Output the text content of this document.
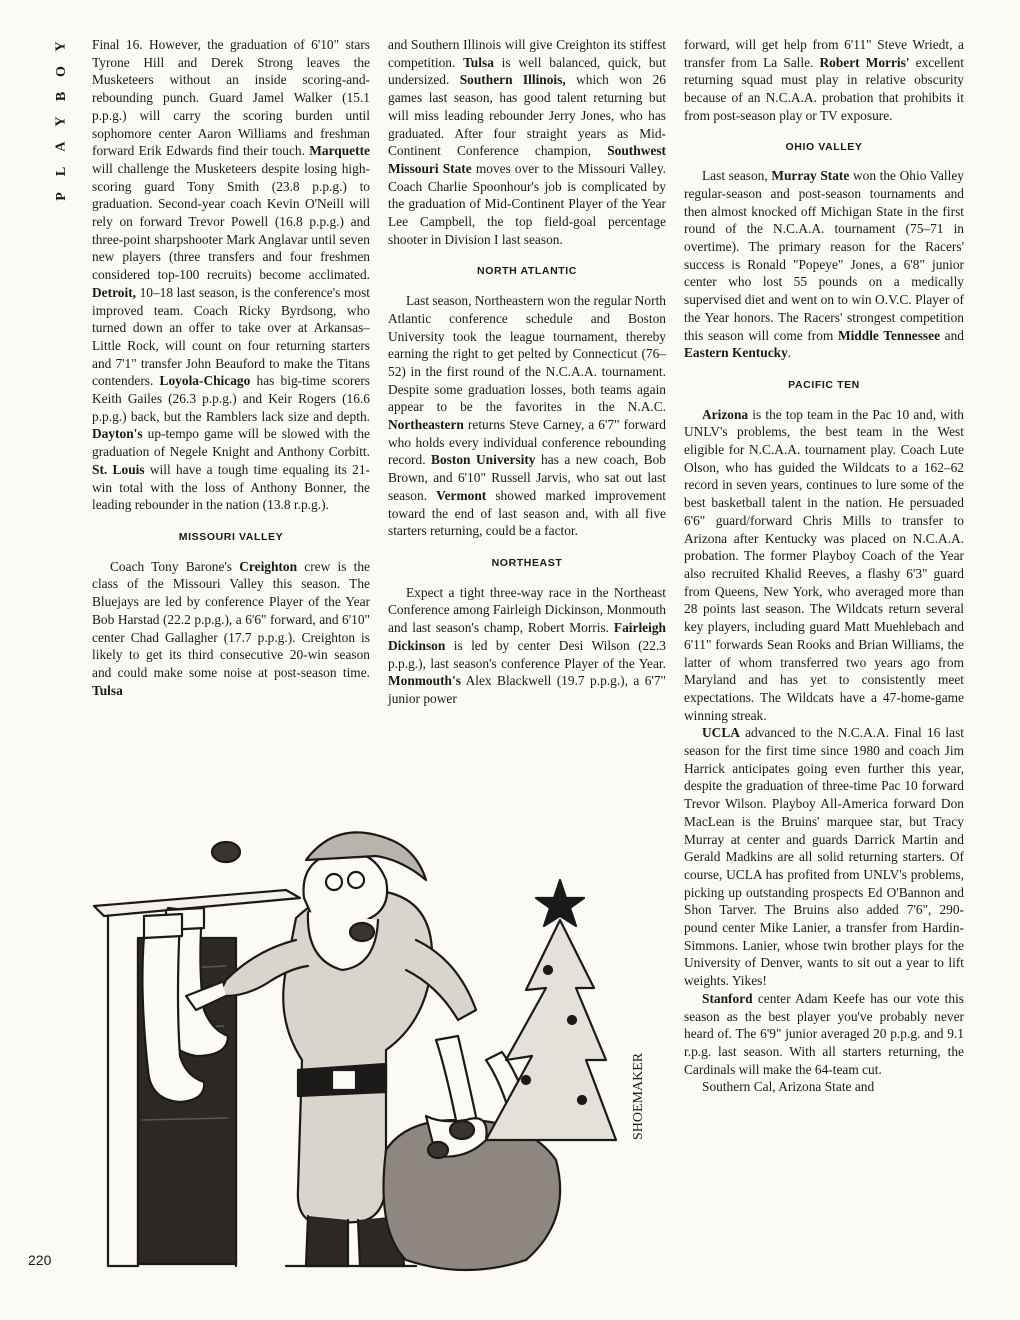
Y
O
B
Y
A
L
P
220

Final 16. However, the graduation of 6'10" stars Tyrone Hill and Derek Strong leaves the Musketeers without an inside scoring-and-rebounding punch. Guard Jamel Walker (15.1 p.p.g.) will carry the scoring burden until sophomore center Aaron Williams and freshman forward Erik Edwards find their touch. Marquette will challenge the Musketeers despite losing high-scoring guard Tony Smith (23.8 p.p.g.) to graduation. Second-year coach Kevin O'Neill will rely on forward Trevor Powell (16.8 p.p.g.) and three-point sharpshooter Mark Anglavar until seven new players (three transfers and four freshmen considered top-100 recruits) become acclimated. Detroit, 10–18 last season, is the conference's most improved team. Coach Ricky Byrdsong, who turned down an offer to take over at Arkansas–Little Rock, will count on four returning starters and 7'1" transfer John Beauford to make the Titans contenders. Loyola-Chicago has big-time scorers Keith Gailes (26.3 p.p.g.) and Keir Rogers (16.6 p.p.g.) back, but the Ramblers lack size and depth. Dayton's up-tempo game will be slowed with the graduation of Negele Knight and Anthony Corbitt. St. Louis will have a tough time equaling its 21-win total with the loss of Anthony Bonner, the leading rebounder in the nation (13.8 r.p.g.).

MISSOURI VALLEY

Coach Tony Barone's Creighton crew is the class of the Missouri Valley this season. The Bluejays are led by conference Player of the Year Bob Harstad (22.2 p.p.g.), a 6'6" forward, and 6'10" center Chad Gallagher (17.7 p.p.g.). Creighton is likely to get its third consecutive 20-win season and could make some noise at post-season time. Tulsa

and Southern Illinois will give Creighton its stiffest competition. Tulsa is well balanced, quick, but undersized. Southern Illinois, which won 26 games last season, has good talent returning but will miss leading rebounder Jerry Jones, who has graduated. After four straight years as Mid-Continent Conference champion, Southwest Missouri State moves over to the Missouri Valley. Coach Charlie Spoonhour's job is complicated by the graduation of Mid-Continent Player of the Year Lee Campbell, the top field-goal percentage shooter in Division I last season.

NORTH ATLANTIC

Last season, Northeastern won the regular North Atlantic conference schedule and Boston University took the league tournament, thereby earning the right to get pelted by Connecticut (76–52) in the first round of the N.C.A.A. tournament. Despite some graduation losses, both teams again appear to be the favorites in the N.A.C. Northeastern returns Steve Carney, a 6'7" forward who holds every individual conference rebounding record. Boston University has a new coach, Bob Brown, and 6'10" Russell Jarvis, who sat out last season. Vermont showed marked improvement toward the end of last season and, with all five starters returning, could be a factor.

NORTHEAST

Expect a tight three-way race in the Northeast Conference among Fairleigh Dickinson, Monmouth and last season's champ, Robert Morris. Fairleigh Dickinson is led by center Desi Wilson (22.3 p.p.g.), last season's conference Player of the Year. Monmouth's Alex Blackwell (19.7 p.p.g.), a 6'7" junior power

forward, will get help from 6'11" Steve Wriedt, a transfer from La Salle. Robert Morris' excellent returning squad must play in relative obscurity because of an N.C.A.A. probation that prohibits it from post-season play or TV exposure.

OHIO VALLEY

Last season, Murray State won the Ohio Valley regular-season and post-season tournaments and then almost knocked off Michigan State in the first round of the N.C.A.A. tournament (75–71 in overtime). The primary reason for the Racers' success is Ronald "Popeye" Jones, a 6'8" junior center who lost 55 pounds on a medically supervised diet and went on to win O.V.C. Player of the Year honors. The Racers' strongest competition this season will come from Middle Tennessee and Eastern Kentucky.

PACIFIC TEN

Arizona is the top team in the Pac 10 and, with UNLV's problems, the best team in the West eligible for N.C.A.A. tournament play. Coach Lute Olson, who has guided the Wildcats to a 162–62 record in seven years, continues to lure some of the best basketball talent in the nation. He persuaded 6'6" guard/forward Chris Mills to transfer to Arizona after Kentucky was placed on N.C.A.A. probation. The former Playboy Coach of the Year also recruited Khalid Reeves, a flashy 6'3" guard from Queens, New York, who averaged more than 28 points last season. The Wildcats return several key players, including guard Matt Muehlebach and 6'11" forwards Sean Rooks and Brian Williams, the latter of whom transferred two years ago from Maryland and has yet to consistently meet expectations. The Wildcats have a 47-home-game winning streak.

UCLA advanced to the N.C.A.A. Final 16 last season for the first time since 1980 and coach Jim Harrick anticipates going even further this year, despite the graduation of three-time Pac 10 forward Trevor Wilson. Playboy All-America forward Don MacLean is the Bruins' marquee star, but Tracy Murray at center and guards Darrick Martin and Gerald Madkins are all solid returning starters. Of course, UCLA has profited from UNLV's problems, picking up outstanding prospects Ed O'Bannon and Shon Tarver. The Bruins also added 7'6", 290-pound center Mike Lanier, a transfer from Hardin-Simmons. Lanier, whose twin brother plays for the University of Denver, wants to sit out a year to lift weights. Yikes!

Stanford center Adam Keefe has our vote this season as the best player you've probably never heard of. The 6'9" junior averaged 20 p.p.g. and 9.1 r.p.g. last season. With all starters returning, the Cardinals will make the 64-team cut.

Southern Cal, Arizona State and

SHOEMAKER
